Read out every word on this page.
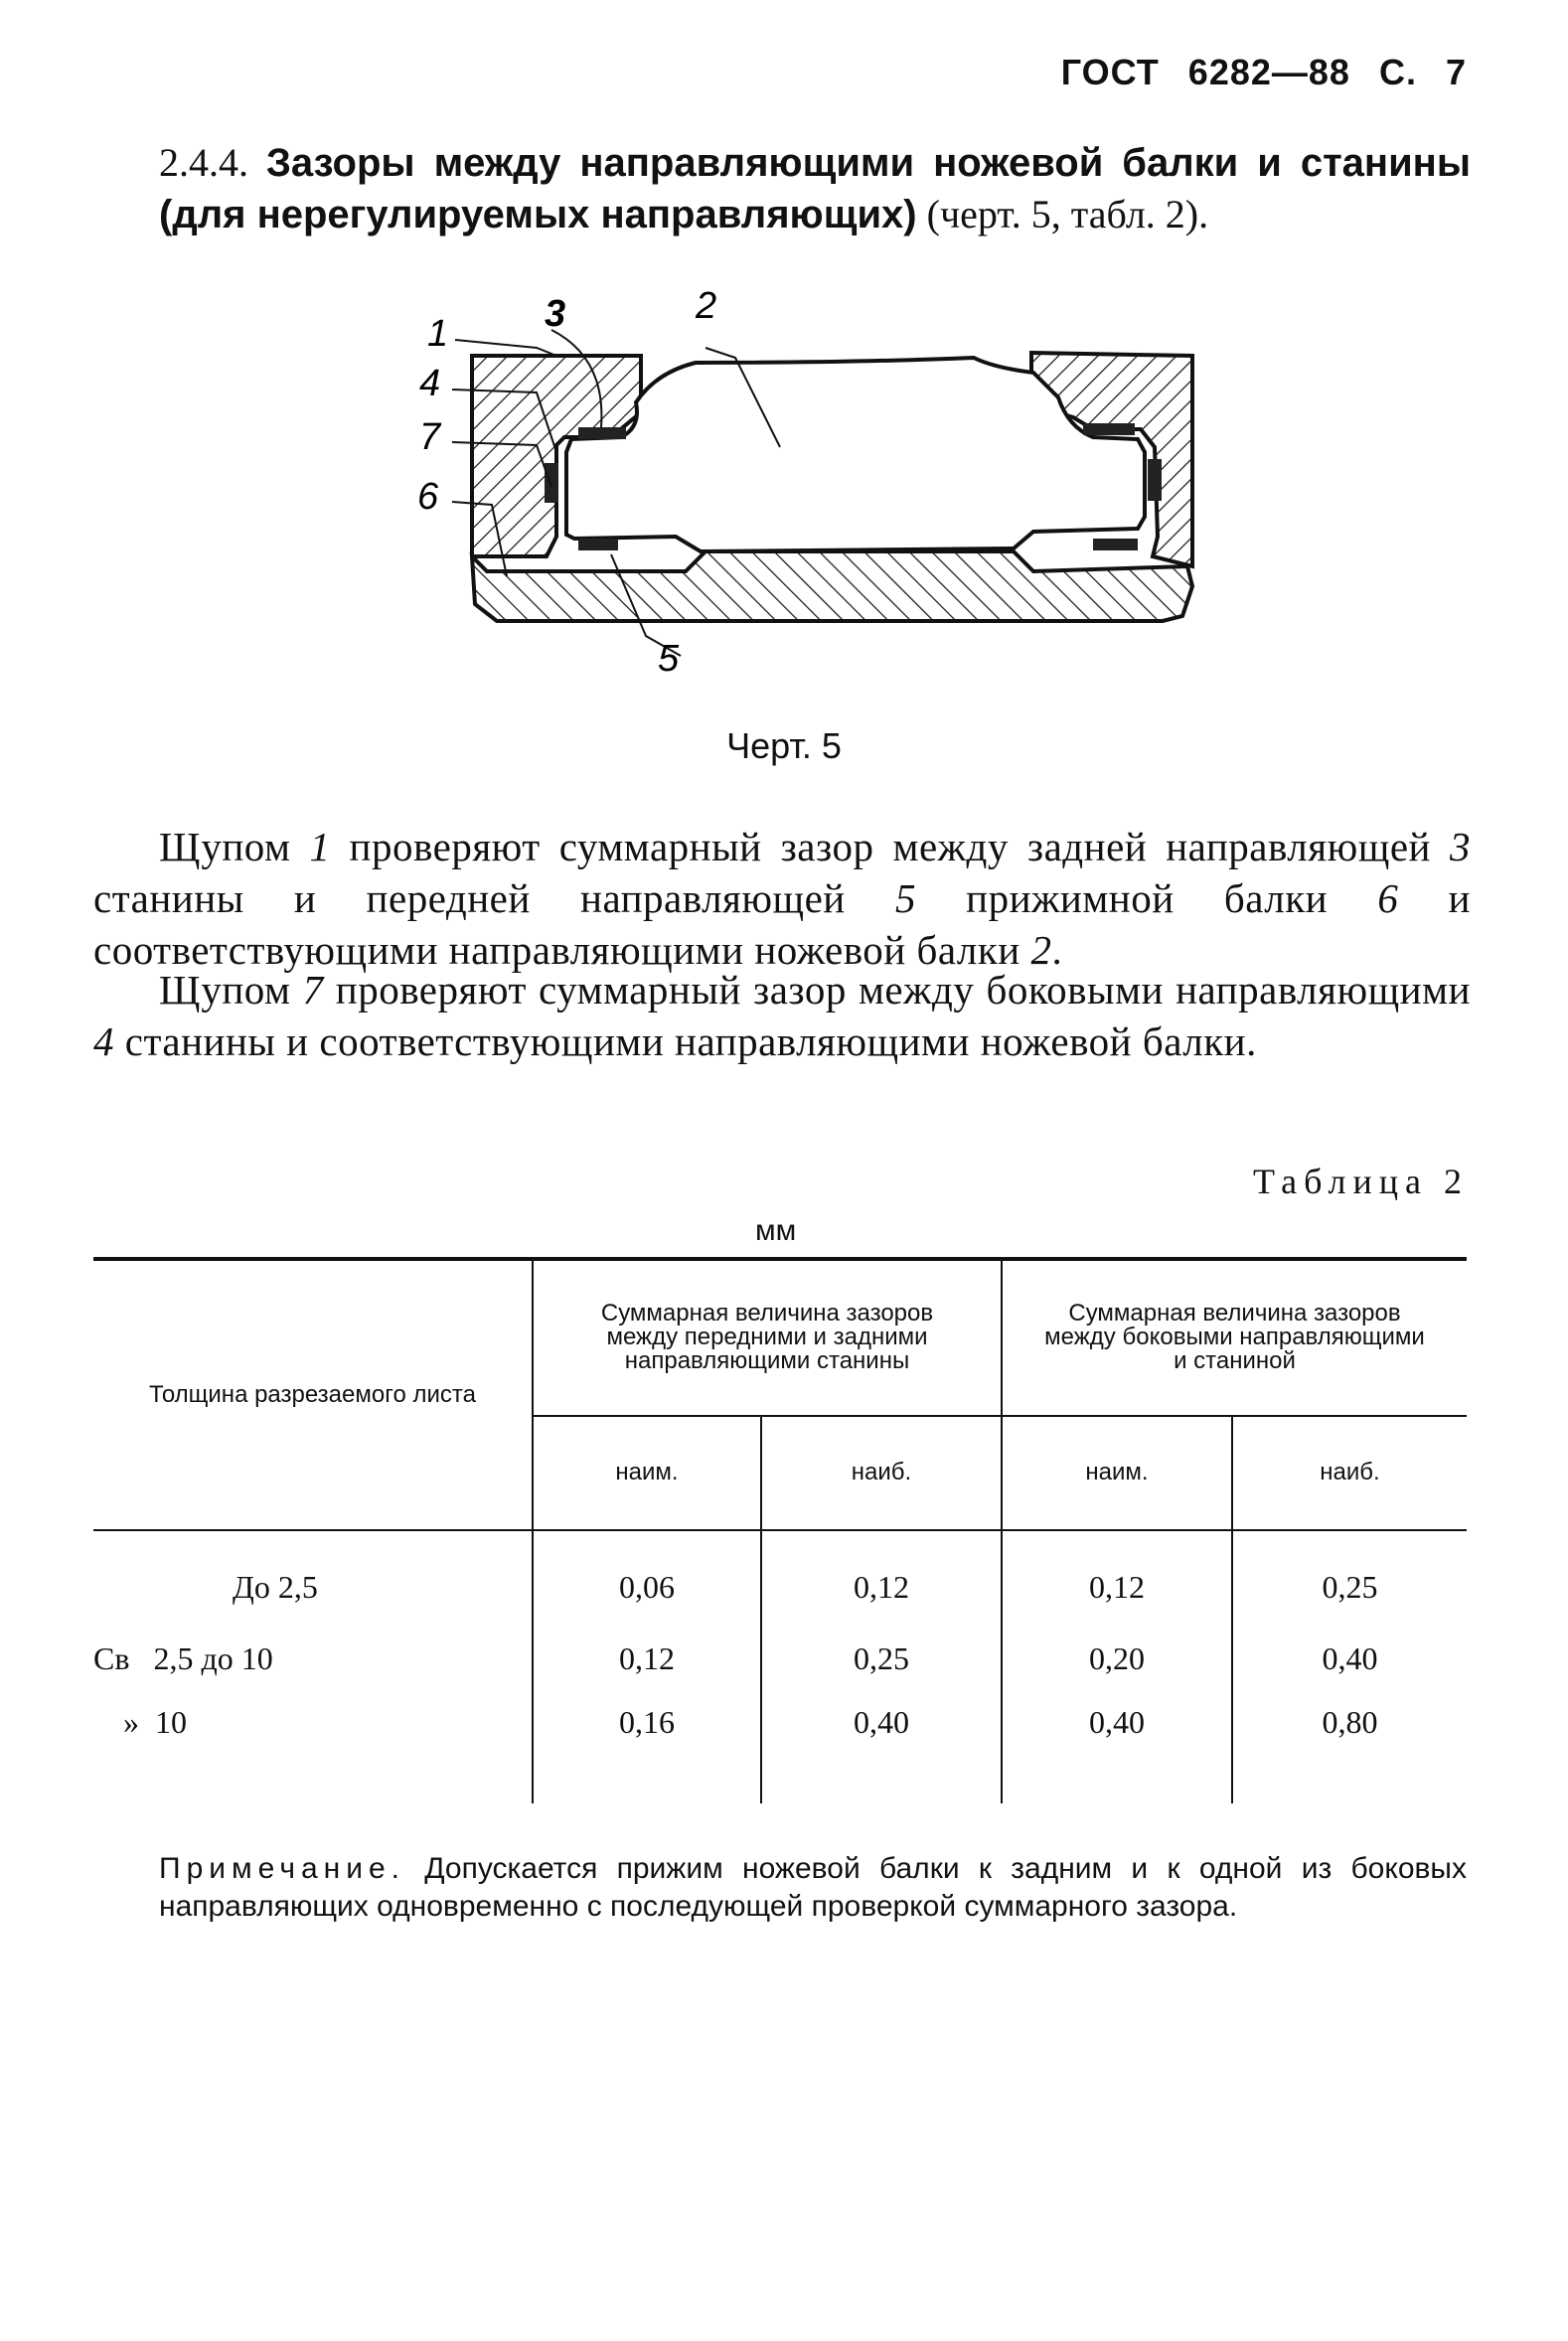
ГОСТ 6282—88 С. 7
2.4.4. Зазоры между направляющими ножевой балки и станины (для нерегулируемых направляющих) (черт. 5, табл. 2).
3
1
4
7
6
2
5
Черт. 5
Щупом 1 проверяют суммарный зазор между задней направляющей 3 станины и передней направляющей 5 прижимной балки 6 и соответствующими направляющими ножевой балки 2.
Щупом 7 проверяют суммарный зазор между боковыми направляющими 4 станины и соответствующими направляющими ножевой балки.
Таблица 2
мм
Толщина разрезаемого листа	Суммарная величина зазоров между передними и задними направляющими станины		Суммарная величина зазоров между боковыми направляющими и станиной	
	наим.	наиб.	наим.	наиб.
До 2,5	0,06	0,12	0,12	0,25
Св   2,5 до 10	0,12	0,25	0,20	0,40
»  10	0,16	0,40	0,40	0,80
Примечание. Допускается прижим ножевой балки к задним и к одной из боковых направляющих одновременно с последующей проверкой суммарного зазора.
